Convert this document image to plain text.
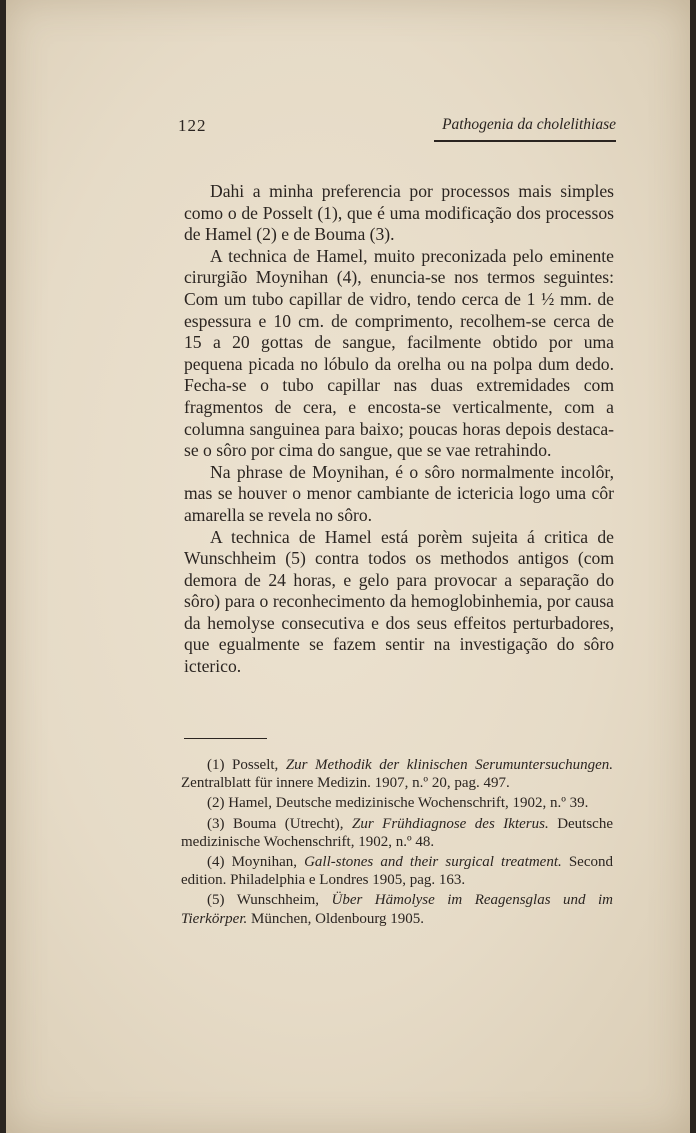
122	Pathogenia da cholelithiase

Dahi a minha preferencia por processos mais simples como o de Posselt (1), que é uma modificação dos processos de Hamel (2) e de Bouma (3).

A technica de Hamel, muito preconizada pelo eminente cirurgião Moynihan (4), enuncia-se nos termos seguintes: Com um tubo capillar de vidro, tendo cerca de 1 ½ mm. de espessura e 10 cm. de comprimento, recolhem-se cerca de 15 a 20 gottas de sangue, facilmente obtido por uma pequena picada no lóbulo da orelha ou na polpa dum dedo. Fecha-se o tubo capillar nas duas extremidades com fragmentos de cera, e encosta-se verticalmente, com a columna sanguinea para baixo; poucas horas depois destaca-se o sôro por cima do sangue, que se vae retrahindo.

Na phrase de Moynihan, é o sôro normalmente incolôr, mas se houver o menor cambiante de ictericia logo uma côr amarella se revela no sôro.

A technica de Hamel está porèm sujeita á critica de Wunschheim (5) contra todos os methodos antigos (com demora de 24 horas, e gelo para provocar a separação do sôro) para o reconhecimento da hemoglobinhemia, por causa da hemolyse consecutiva e dos seus effeitos perturbadores, que egualmente se fazem sentir na investigação do sôro icterico.

(1) Posselt, Zur Methodik der klinischen Serumuntersuchungen. Zentralblatt für innere Medizin. 1907, n.º 20, pag. 497.

(2) Hamel, Deutsche medizinische Wochenschrift, 1902, n.º 39.

(3) Bouma (Utrecht), Zur Frühdiagnose des Ikterus. Deutsche medizinische Wochenschrift, 1902, n.º 48.

(4) Moynihan, Gall-stones and their surgical treatment. Second edition. Philadelphia e Londres 1905, pag. 163.

(5) Wunschheim, Über Hämolyse im Reagensglas und im Tierkörper. München, Oldenbourg 1905.
